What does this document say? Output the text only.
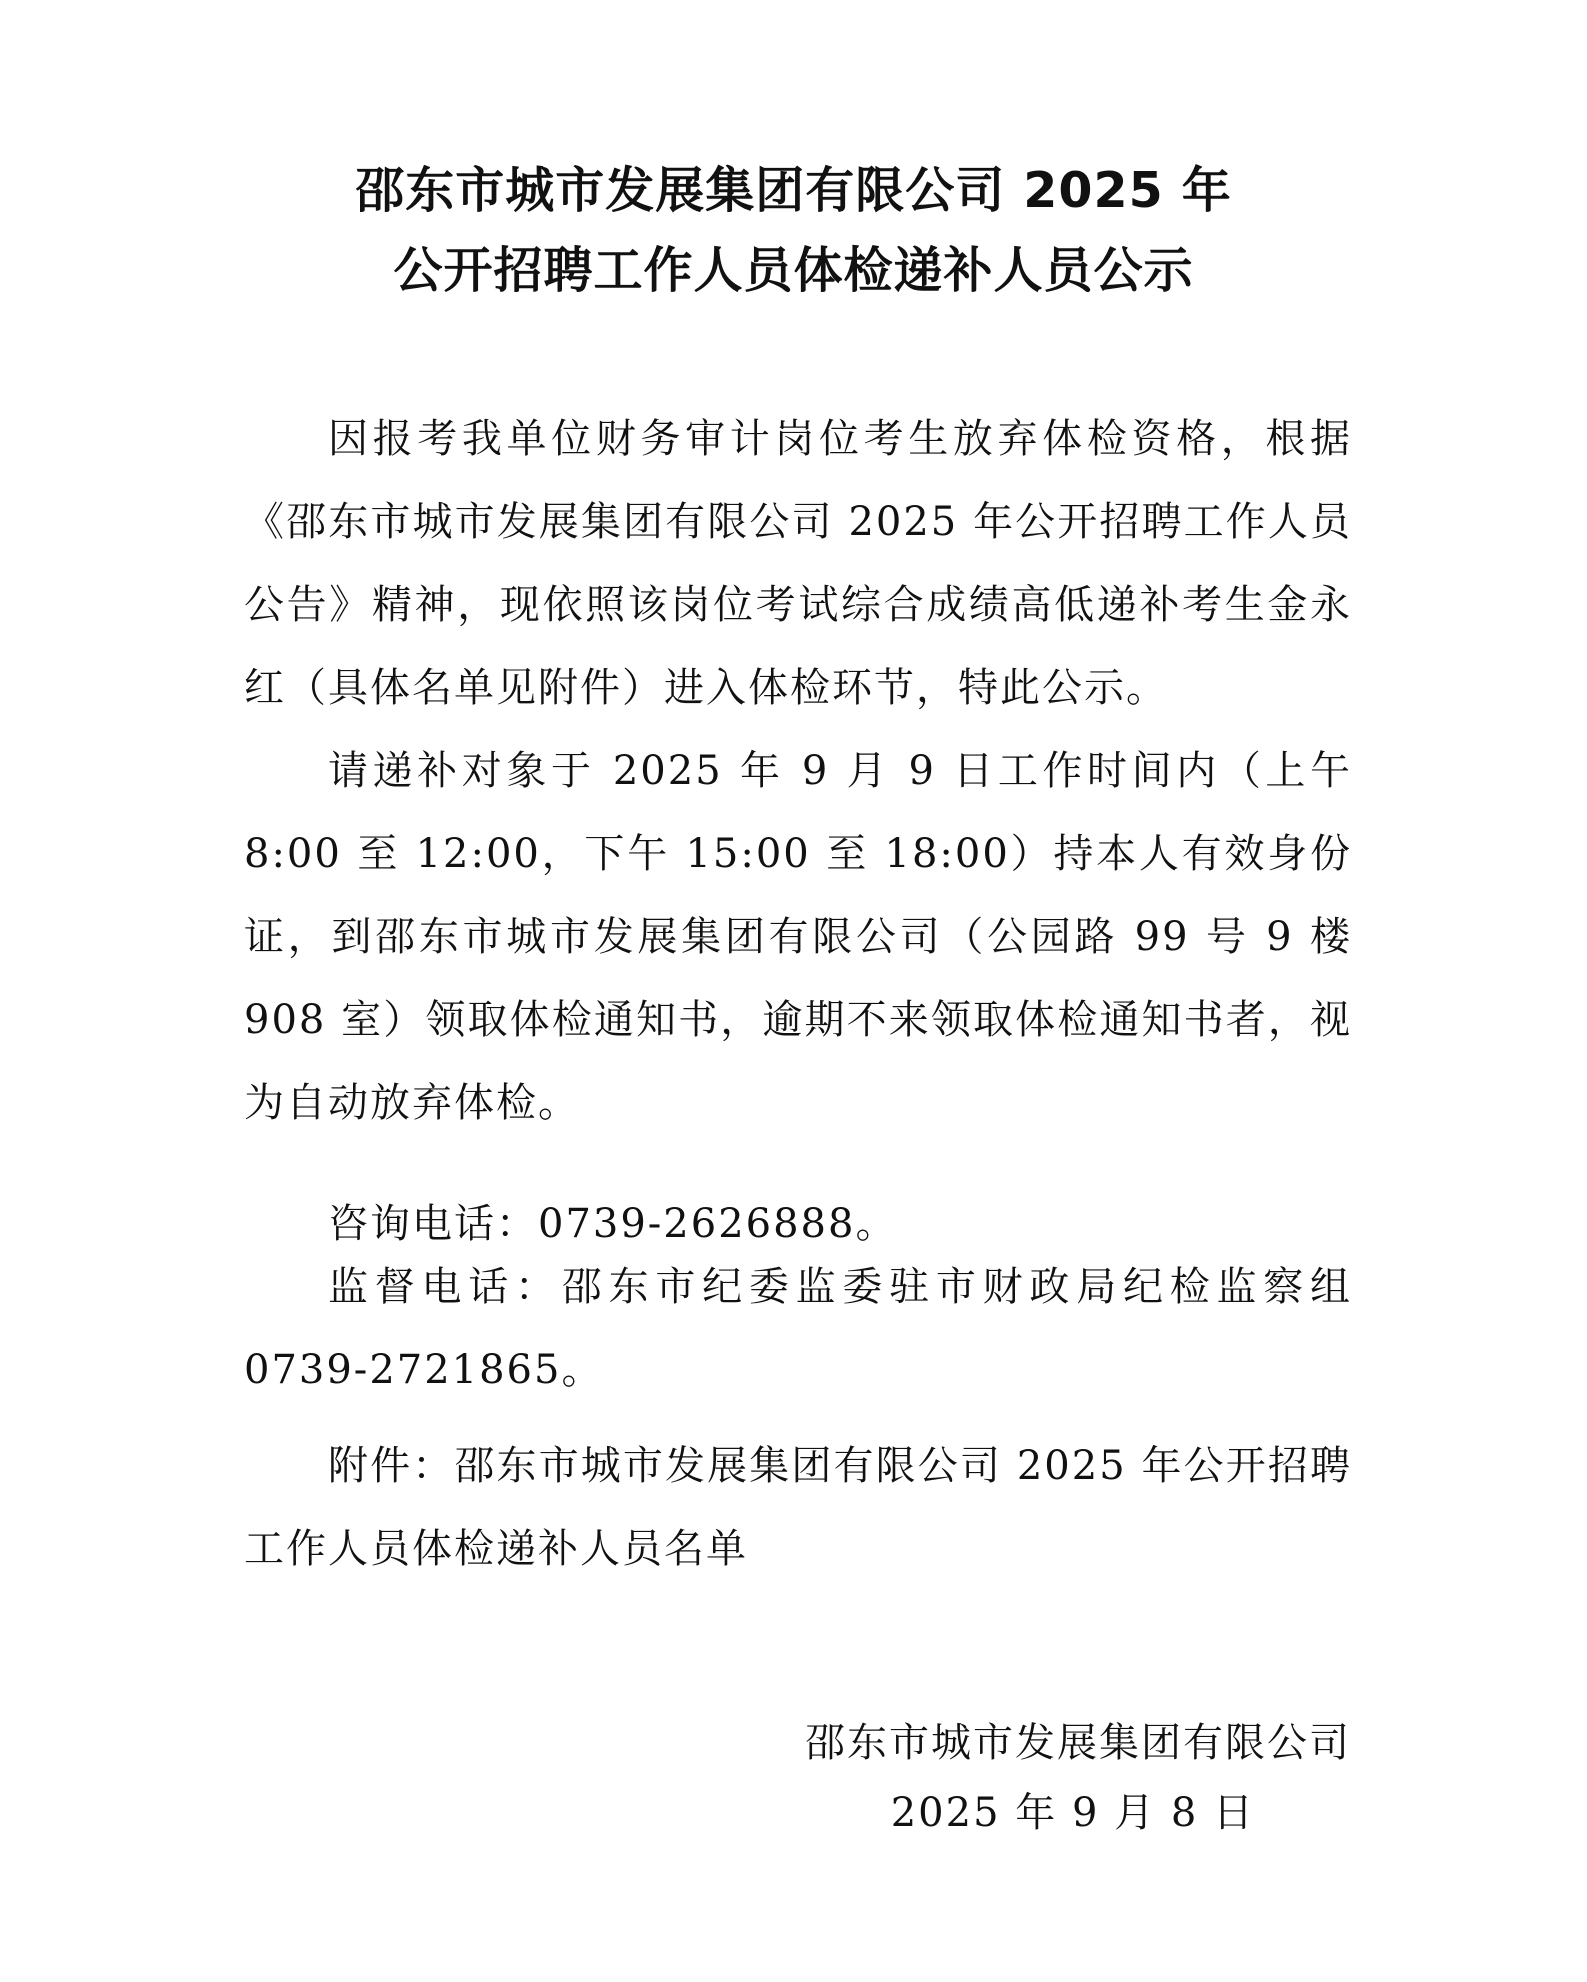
邵东市城市发展集团有限公司 2025 年
公开招聘工作人员体检递补人员公示

因报考我单位财务审计岗位考生放弃体检资格，根据《邵东市城市发展集团有限公司 2025 年公开招聘工作人员公告》精神，现依照该岗位考试综合成绩高低递补考生金永红（具体名单见附件）进入体检环节，特此公示。

请递补对象于 2025 年 9 月 9 日工作时间内（上午 8:00 至 12:00，下午 15:00 至 18:00）持本人有效身份证，到邵东市城市发展集团有限公司（公园路 99 号 9 楼 908 室）领取体检通知书，逾期不来领取体检通知书者，视为自动放弃体检。

咨询电话：0739-2626888。

监督电话：邵东市纪委监委驻市财政局纪检监察组 0739-2721865。

附件：邵东市城市发展集团有限公司 2025 年公开招聘工作人员体检递补人员名单

邵东市城市发展集团有限公司
2025 年 9 月 8 日
